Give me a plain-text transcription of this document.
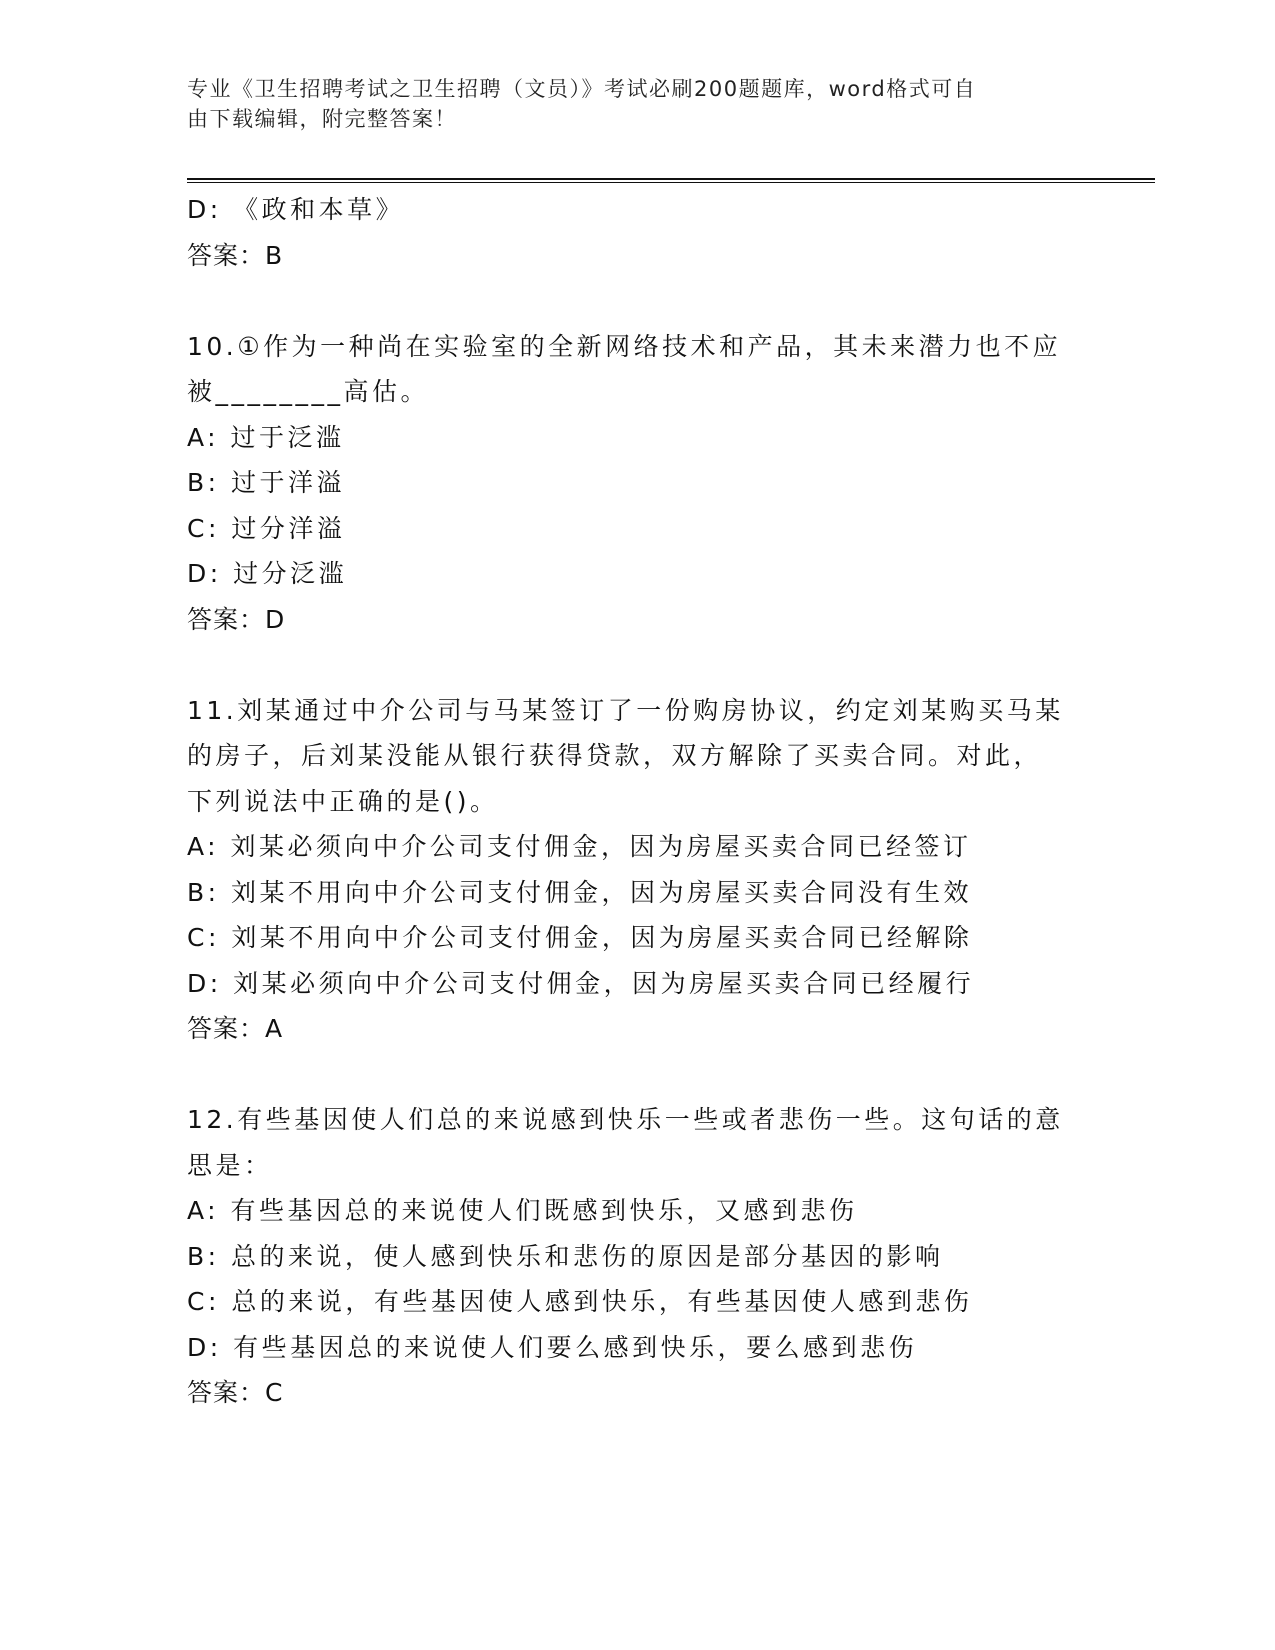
专业《卫生招聘考试之卫生招聘（文员）》考试必刷200题题库，word格式可自
由下载编辑，附完整答案！
D: 《政和本草》
答案：B
10.①作为一种尚在实验室的全新网络技术和产品，其未来潜力也不应
被________高估。
A: 过于泛滥
B: 过于洋溢
C: 过分洋溢
D: 过分泛滥
答案：D
11.刘某通过中介公司与马某签订了一份购房协议，约定刘某购买马某
的房子，后刘某没能从银行获得贷款，双方解除了买卖合同。对此，
下列说法中正确的是()。
A: 刘某必须向中介公司支付佣金，因为房屋买卖合同已经签订
B: 刘某不用向中介公司支付佣金，因为房屋买卖合同没有生效
C: 刘某不用向中介公司支付佣金，因为房屋买卖合同已经解除
D: 刘某必须向中介公司支付佣金，因为房屋买卖合同已经履行
答案：A
12.有些基因使人们总的来说感到快乐一些或者悲伤一些。这句话的意
思是：
A: 有些基因总的来说使人们既感到快乐，又感到悲伤
B: 总的来说，使人感到快乐和悲伤的原因是部分基因的影响
C: 总的来说，有些基因使人感到快乐，有些基因使人感到悲伤
D: 有些基因总的来说使人们要么感到快乐，要么感到悲伤
答案：C
